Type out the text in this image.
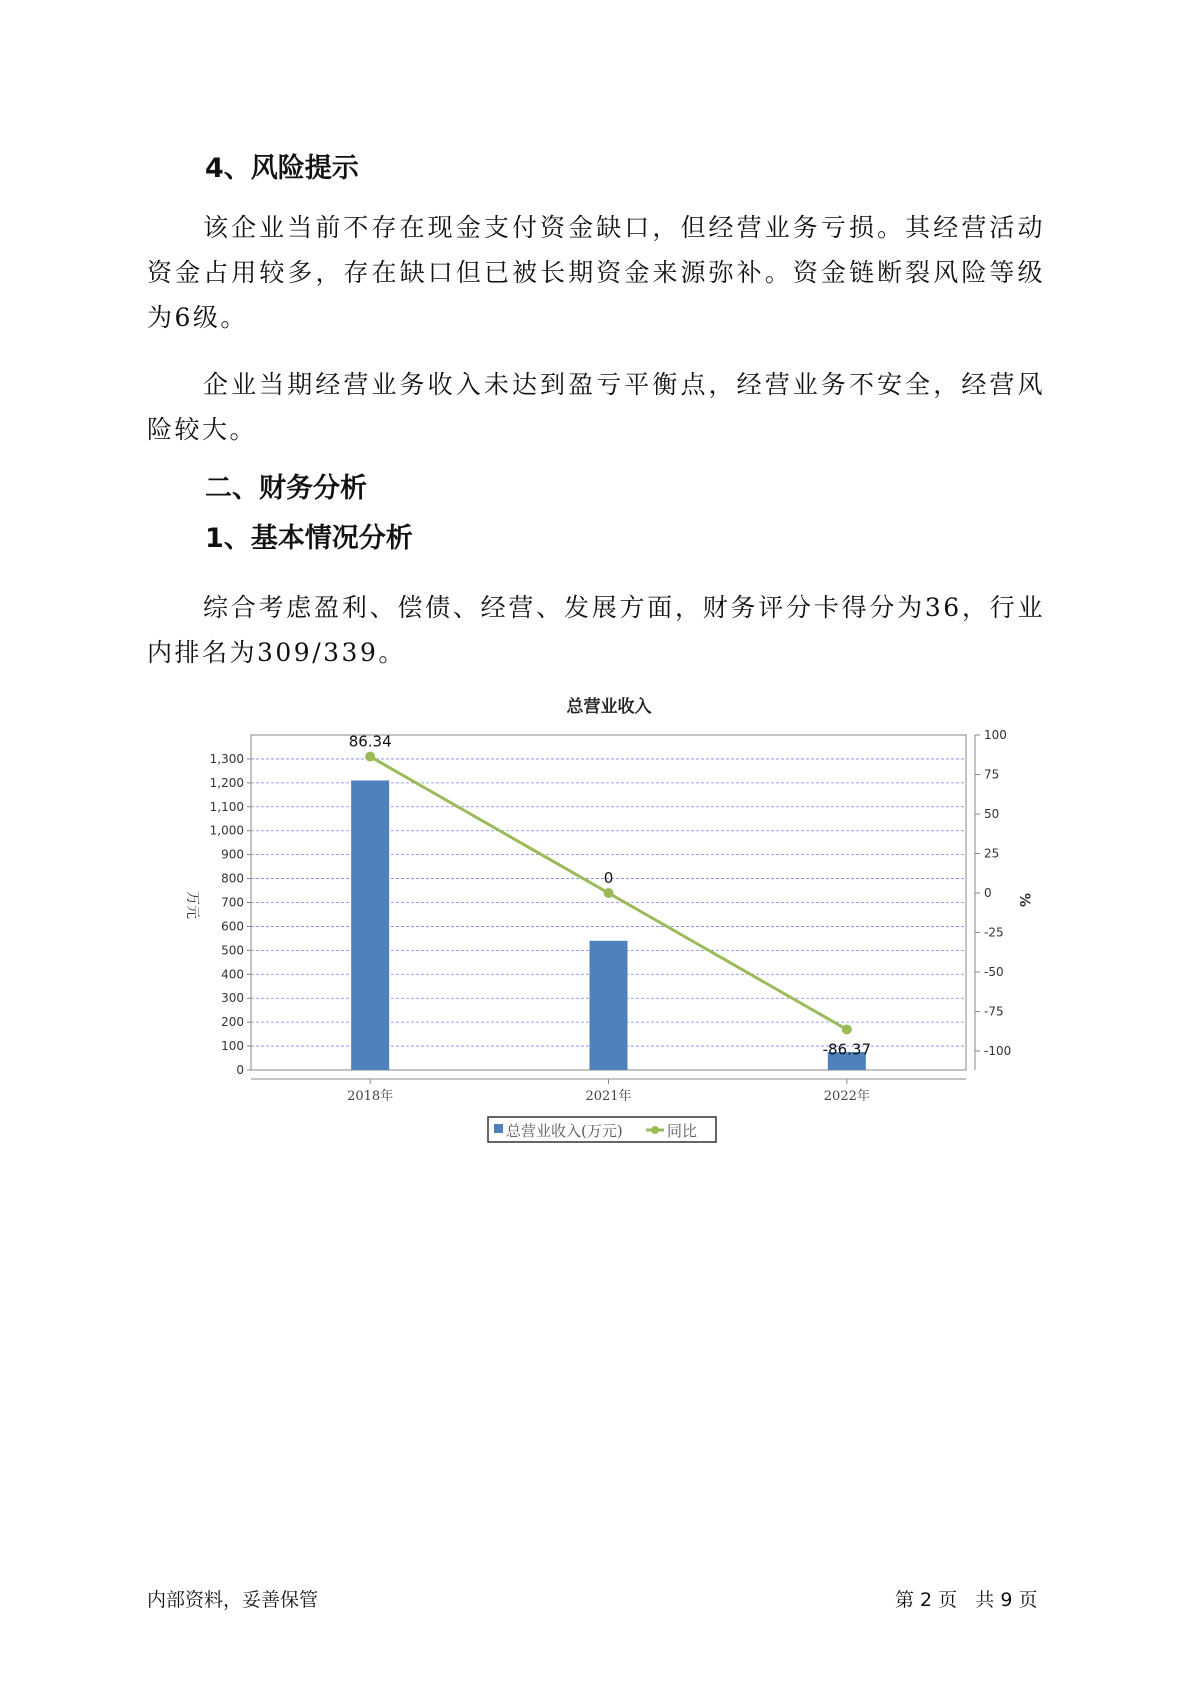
4、风险提示

该企业当前不存在现金支付资金缺口，但经营业务亏损。其经营活动资金占用较多，存在缺口但已被长期资金来源弥补。资金链断裂风险等级为6级。

企业当期经营业务收入未达到盈亏平衡点，经营业务不安全，经营风险较大。

二、财务分析
1、基本情况分析

综合考虑盈利、偿债、经营、发展方面，财务评分卡得分为36，行业内排名为309/339。

总营业收入
0
100
200
300
400
500
600
700
800
900
1,000
1,100
1,200
1,300
-100
-75
-50
-25
0
25
50
75
100
2018年	2021年	2022年
86.34
0
-86.37
万元	%
总营业收入(万元)	同比
内部资料，妥善保管	第 2 页   共 9 页
